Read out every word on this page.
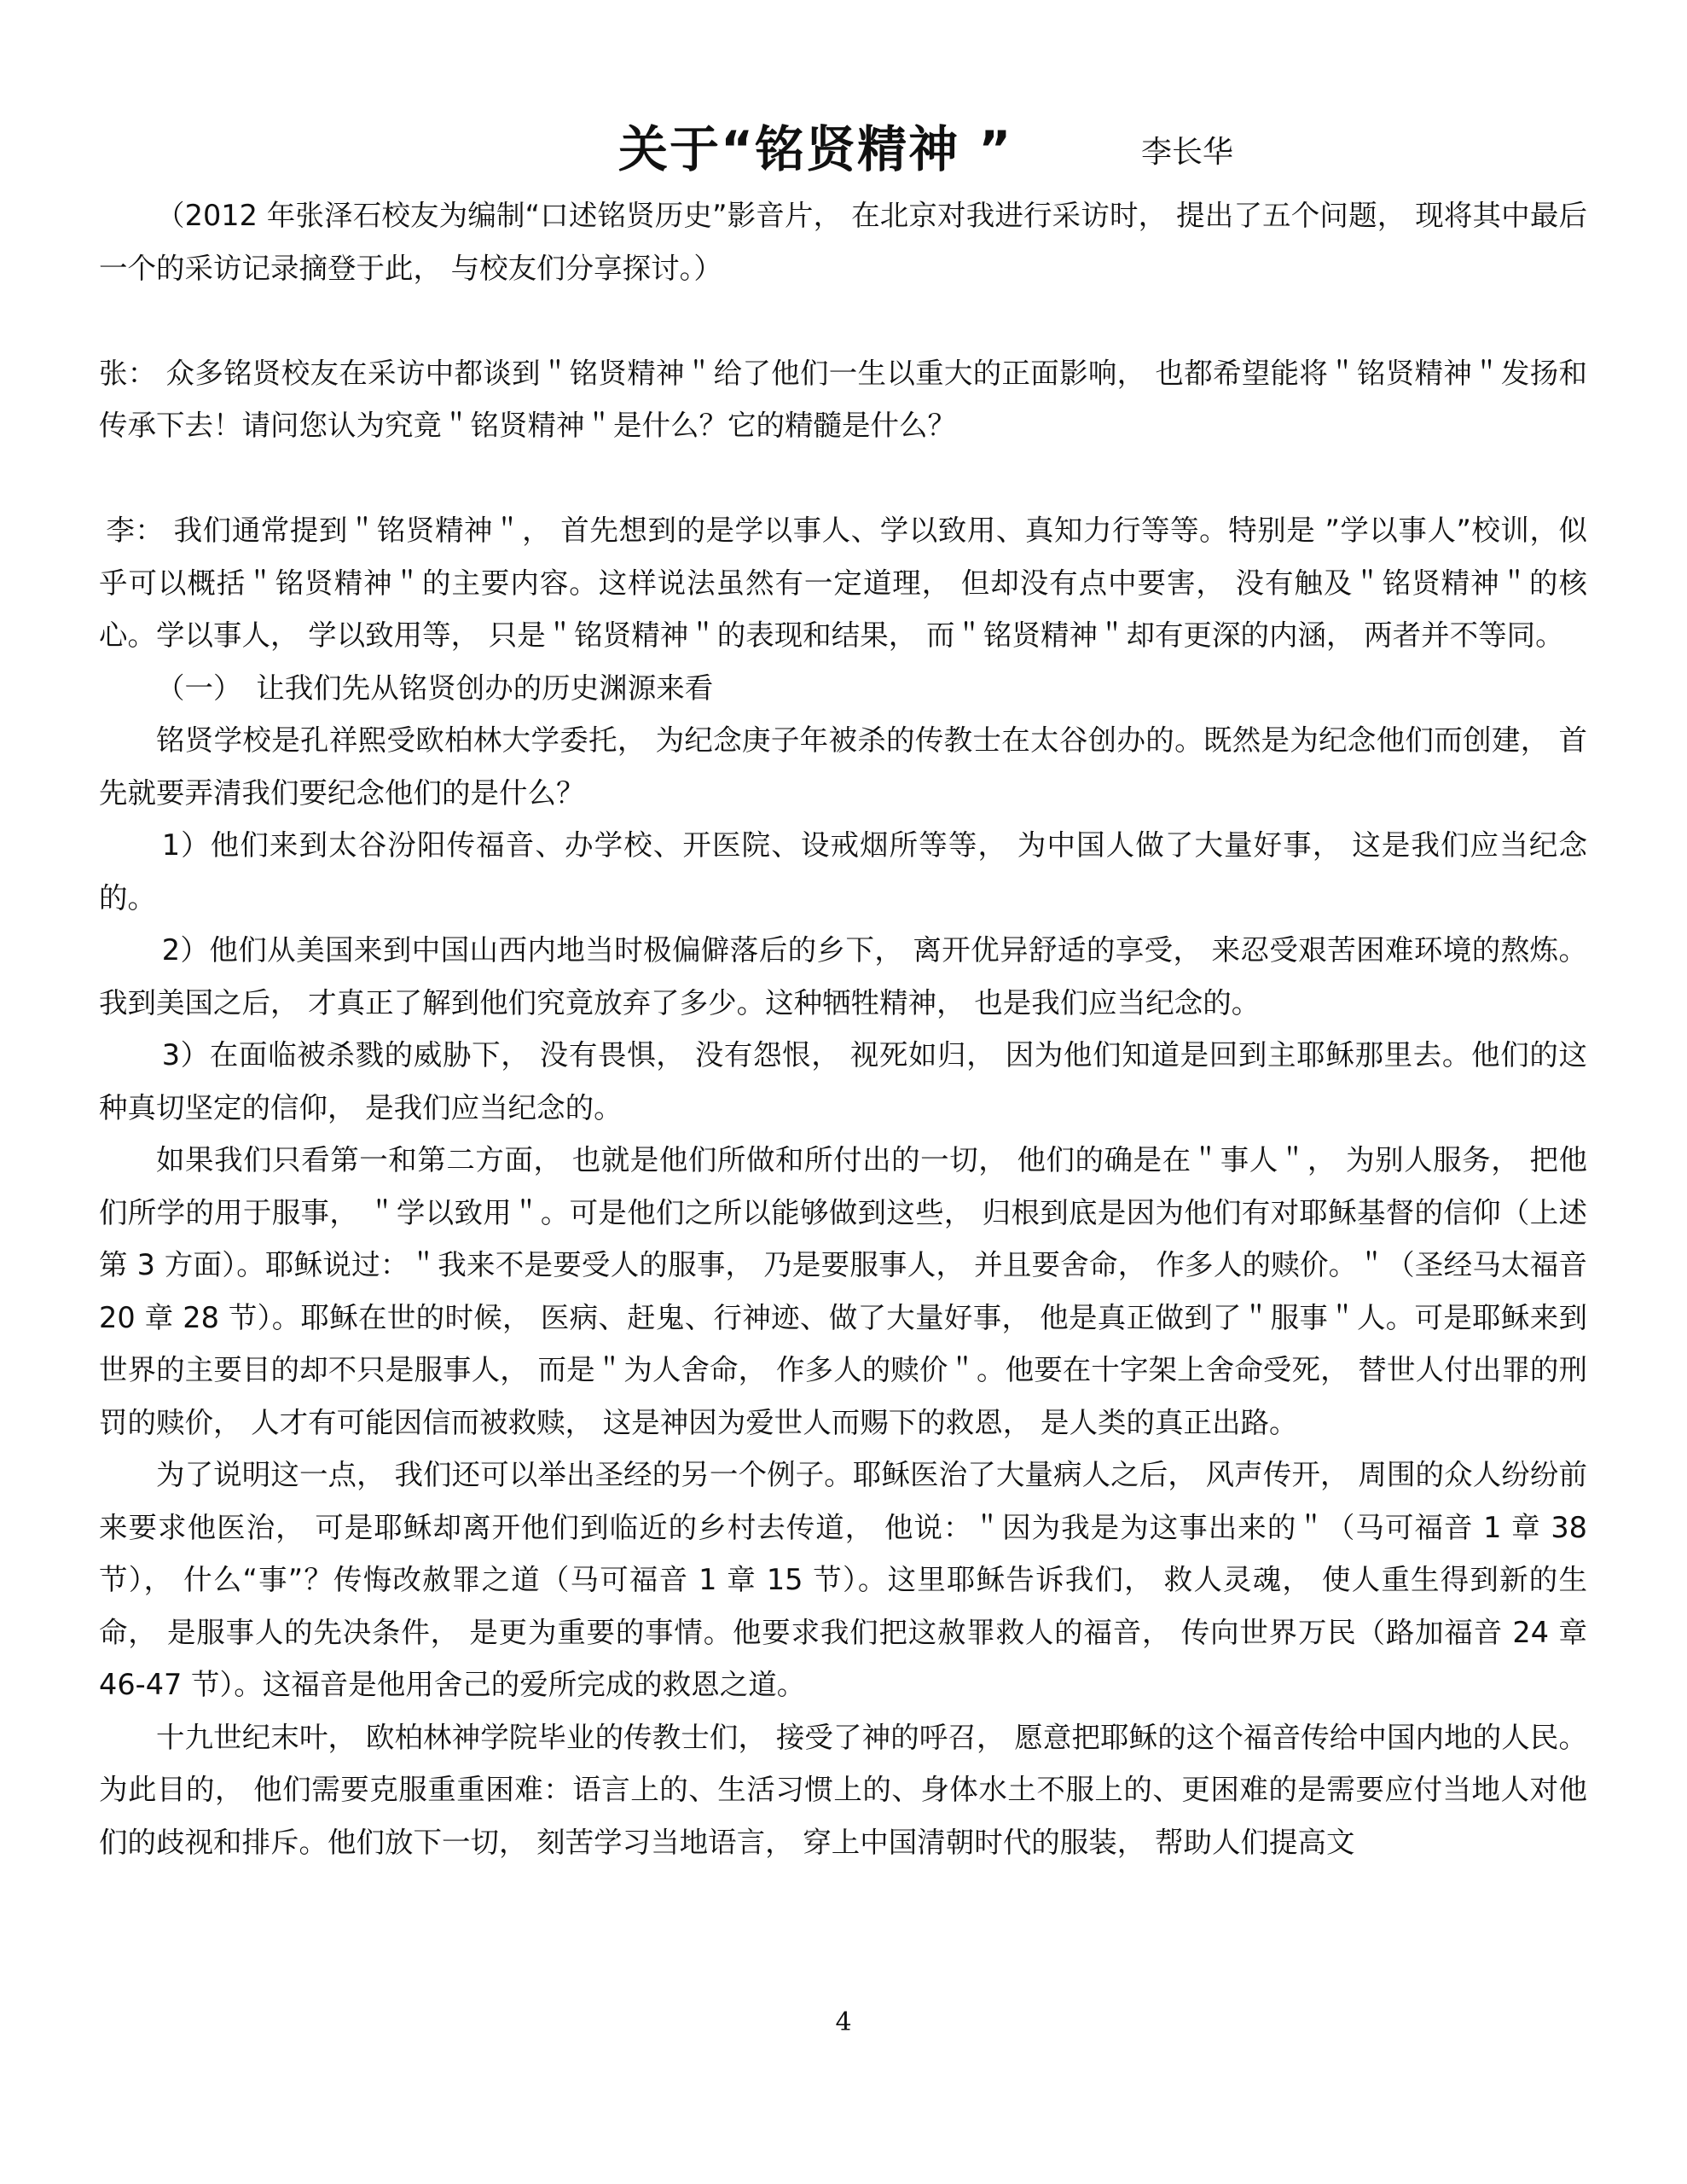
关于“铭贤精神 ”	李长华

（2012 年张泽石校友为编制“口述铭贤历史”影音片， 在北京对我进行采访时， 提出了五个问题， 现将其中最后一个的采访记录摘登于此， 与校友们分享探讨。）

张： 众多铭贤校友在采访中都谈到＂铭贤精神＂给了他们一生以重大的正面影响， 也都希望能将＂铭贤精神＂发扬和传承下去！请问您认为究竟＂铭贤精神＂是什么？它的精髓是什么？

李： 我们通常提到＂铭贤精神＂， 首先想到的是学以事人、学以致用、真知力行等等。特别是 ”学以事人”校训，似乎可以概括＂铭贤精神＂的主要内容。这样说法虽然有一定道理， 但却没有点中要害， 没有触及＂铭贤精神＂的核心。学以事人， 学以致用等， 只是＂铭贤精神＂的表现和结果， 而＂铭贤精神＂却有更深的内涵， 两者并不等同。

（一）　让我们先从铭贤创办的历史渊源来看

铭贤学校是孔祥熙受欧柏林大学委托， 为纪念庚子年被杀的传教士在太谷创办的。既然是为纪念他们而创建， 首先就要弄清我们要纪念他们的是什么？

1）他们来到太谷汾阳传福音、办学校、开医院、设戒烟所等等， 为中国人做了大量好事， 这是我们应当纪念的。

2）他们从美国来到中国山西内地当时极偏僻落后的乡下， 离开优异舒适的享受， 来忍受艰苦困难环境的熬炼。我到美国之后， 才真正了解到他们究竟放弃了多少。这种牺牲精神， 也是我们应当纪念的。

3）在面临被杀戮的威胁下， 没有畏惧， 没有怨恨， 视死如归， 因为他们知道是回到主耶稣那里去。他们的这种真切坚定的信仰， 是我们应当纪念的。

如果我们只看第一和第二方面， 也就是他们所做和所付出的一切， 他们的确是在＂事人＂， 为别人服务， 把他们所学的用于服事， ＂学以致用＂。可是他们之所以能够做到这些， 归根到底是因为他们有对耶稣基督的信仰（上述第 3 方面）。耶稣说过：＂我来不是要受人的服事， 乃是要服事人， 并且要舍命， 作多人的赎价。＂（圣经马太福音 20 章 28 节）。耶稣在世的时候， 医病、赶鬼、行神迹、做了大量好事， 他是真正做到了＂服事＂人。可是耶稣来到世界的主要目的却不只是服事人， 而是＂为人舍命， 作多人的赎价＂。他要在十字架上舍命受死， 替世人付出罪的刑罚的赎价， 人才有可能因信而被救赎， 这是神因为爱世人而赐下的救恩， 是人类的真正出路。

为了说明这一点， 我们还可以举出圣经的另一个例子。耶稣医治了大量病人之后， 风声传开， 周围的众人纷纷前来要求他医治， 可是耶稣却离开他们到临近的乡村去传道， 他说：＂因为我是为这事出来的＂（马可福音 1 章 38 节）， 什么“事”？传悔改赦罪之道（马可福音 1 章 15 节）。这里耶稣告诉我们， 救人灵魂， 使人重生得到新的生命， 是服事人的先决条件， 是更为重要的事情。他要求我们把这赦罪救人的福音， 传向世界万民（路加福音 24 章 46-47 节）。这福音是他用舍己的爱所完成的救恩之道。

十九世纪末叶， 欧柏林神学院毕业的传教士们， 接受了神的呼召， 愿意把耶稣的这个福音传给中国内地的人民。为此目的， 他们需要克服重重困难：语言上的、生活习惯上的、身体水土不服上的、更困难的是需要应付当地人对他们的歧视和排斥。他们放下一切， 刻苦学习当地语言， 穿上中国清朝时代的服装， 帮助人们提高文

4
